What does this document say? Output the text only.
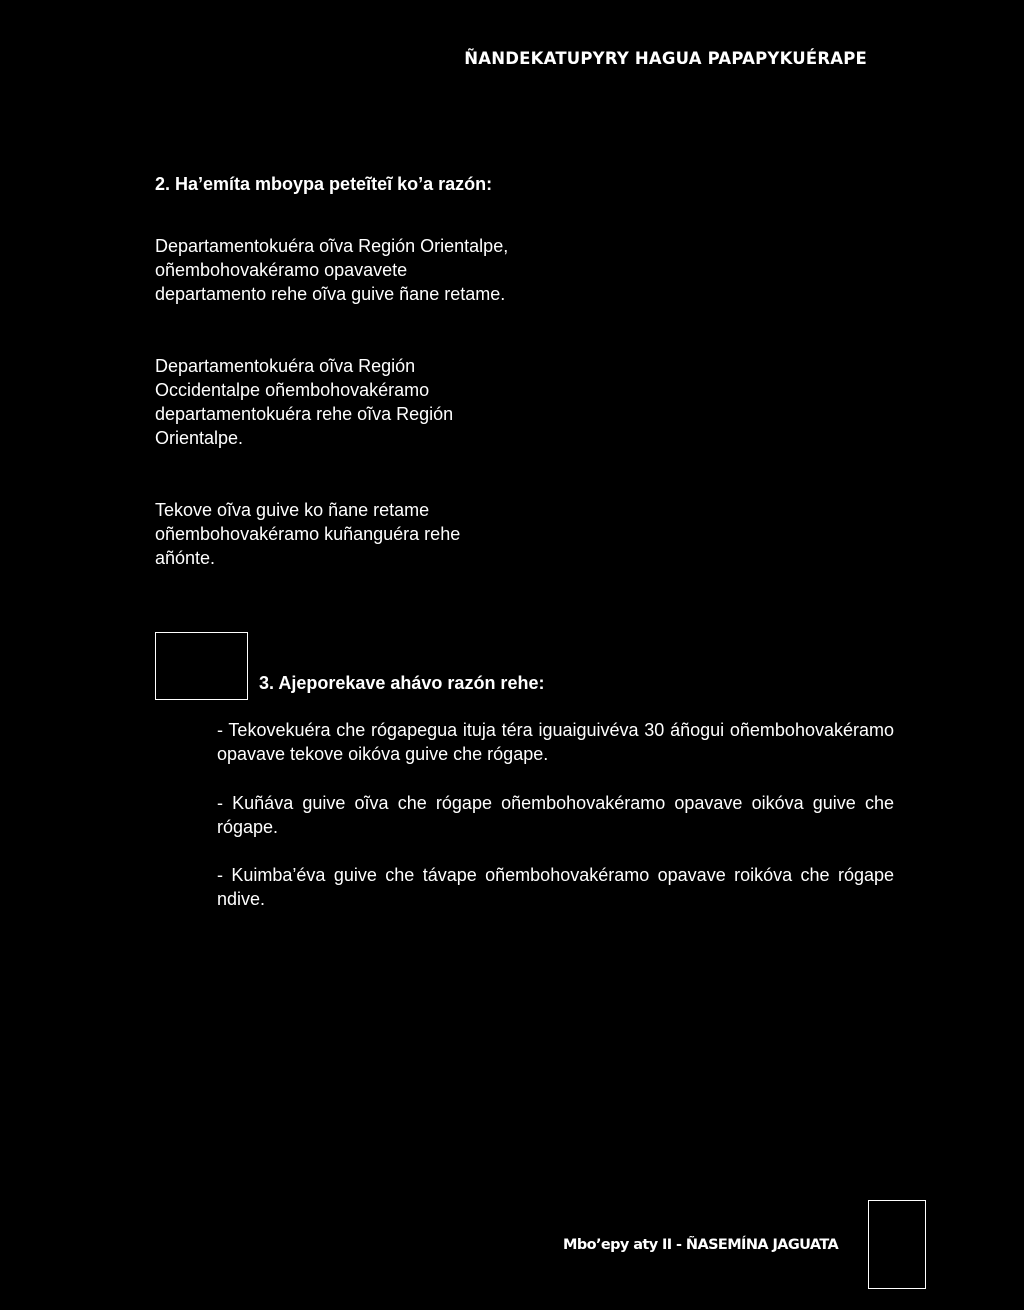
ÑANDEKATUPYRY HAGUA PAPAPYKUÉRAPE
2. Ha’emíta mboypa peteĩteĩ ko’a razón:
Departamentokuéra oĩva Región Orientalpe, oñembohovakéramo opavavete departamento rehe oĩva guive ñane retame.
Departamentokuéra oĩva Región Occidentalpe oñembohovakéramo departamentokuéra rehe oĩva Región Orientalpe.
Tekove oĩva guive ko ñane retame oñembohovakéramo kuñanguéra rehe añónte.
3. Ajeporekave ahávo razón rehe:
- Tekovekuéra che rógapegua ituja téra iguaiguivéva 30 áñogui oñembohovakéramo opavave tekove oikóva guive che rógape.
- Kuñáva guive oĩva che rógape oñembohovakéramo opavave oikóva guive che rógape.
- Kuimba’éva guive che távape oñembohovakéramo opavave roikóva che rógape ndive.
Mbo’epy aty II - ÑASEMÍNA JAGUATA
